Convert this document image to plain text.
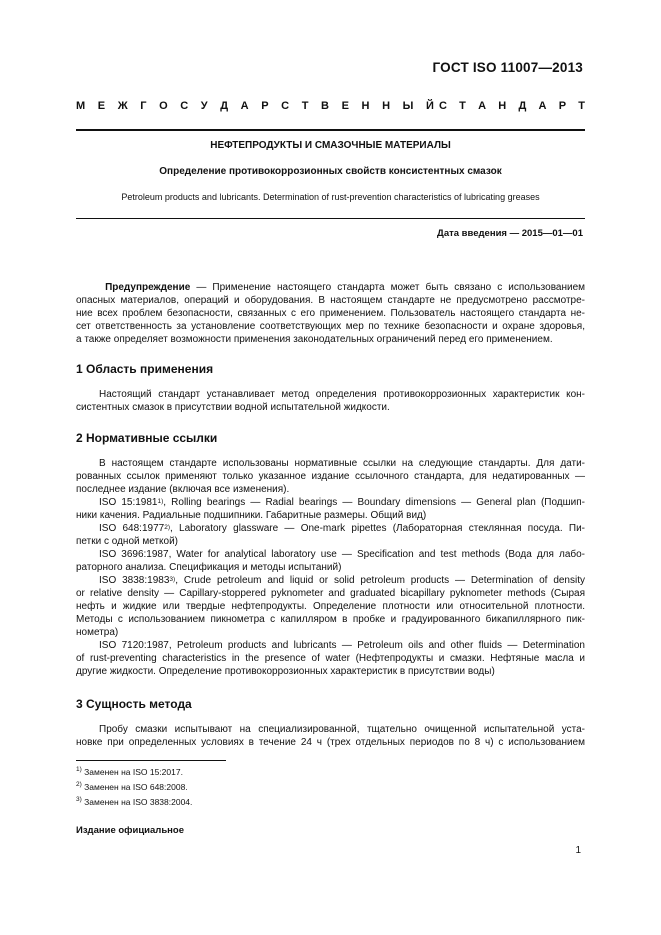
ГОСТ ISO 11007—2013
М Е Ж Г О С У Д А Р С Т В Е Н Н Ы Й С Т А Н Д А Р Т
НЕФТЕПРОДУКТЫ И СМАЗОЧНЫЕ МАТЕРИАЛЫ
Определение противокоррозионных свойств консистентных смазок
Petroleum products and lubricants. Determination of rust-prevention characteristics of lubricating greases
Дата введения — 2015—01—01
Предупреждение — Применение настоящего стандарта может быть связано с использованием
опасных материалов, операций и оборудования. В настоящем стандарте не предусмотрено рассмотре-
ние всех проблем безопасности, связанных с его применением. Пользователь настоящего стандарта не-
сет ответственность за установление соответствующих мер по технике безопасности и охране здоровья,
а также определяет возможности применения законодательных ограничений перед его применением.
1 Область применения
Настоящий стандарт устанавливает метод определения противокоррозионных характеристик кон-
систентных смазок в присутствии водной испытательной жидкости.
2 Нормативные ссылки
В настоящем стандарте использованы нормативные ссылки на следующие стандарты. Для дати-
рованных ссылок применяют только указанное издание ссылочного стандарта, для недатированных —
последнее издание (включая все изменения).
ISO 15:1981$^{1)}$, Rolling bearings — Radial bearings — Boundary dimensions — General plan (Подшип-
ники качения. Радиальные подшипники. Габаритные размеры. Общий вид)
ISO 648:1977$^{2)}$, Laboratory glassware — One-mark pipettes (Лабораторная стеклянная посуда. Пи-
петки с одной меткой)
ISO 3696:1987, Water for analytical laboratory use — Specification and test methods (Вода для лабо-
раторного анализа. Спецификация и методы испытаний)
ISO 3838:1983$^{3)}$, Crude petroleum and liquid or solid petroleum products — Determination of density
or relative density — Capillary-stoppered pyknometer and graduated bicapillary pyknometer methods (Сырая
нефть и жидкие или твердые нефтепродукты. Определение плотности или относительной плотности.
Методы с использованием пикнометра с капилляром в пробке и градуированного бикапиллярного пик-
нометра)
ISO 7120:1987, Petroleum products and lubricants — Petroleum oils and other fluids — Determination
of rust-preventing characteristics in the presence of water (Нефтепродукты и смазки. Нефтяные масла и
другие жидкости. Определение противокоррозионных характеристик в присутствии воды)
3 Сущность метода
Пробу смазки испытывают на специализированной, тщательно очищенной испытательной уста-
новке при определенных условиях в течение 24 ч (трех отдельных периодов по 8 ч) с использованием
$^{1)}$ Заменен на ISO 15:2017.
$^{2)}$ Заменен на ISO 648:2008.
$^{3)}$ Заменен на ISO 3838:2004.
Издание официальное
1
